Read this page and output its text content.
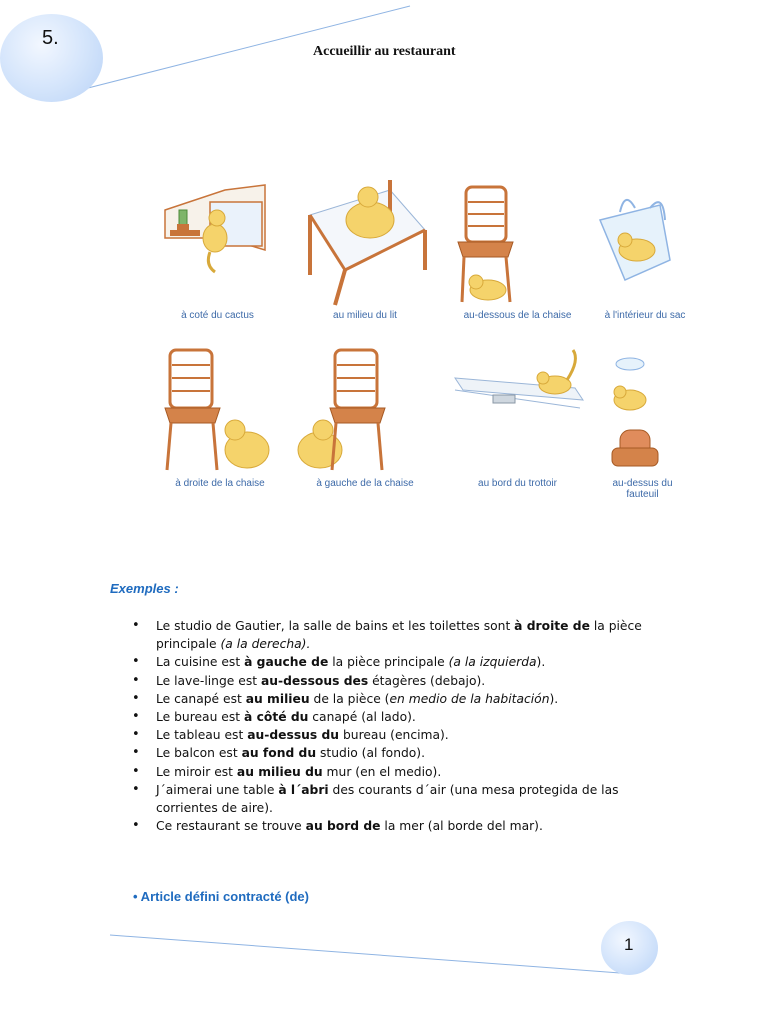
5.
Accueillir au restaurant
à coté du cactus	au milieu du lit	au-dessous de la chaise	à l'intérieur du sac
à droite de la chaise	à gauche de la chaise	au bord du trottoir	au-dessus du fauteuil
Exemples :
• Le studio de Gautier, la salle de bains et les toilettes sont à droite de la pièce principale (a la derecha).
• La cuisine est à gauche de la pièce principale (a la izquierda).
• Le lave-linge est au-dessous des étagères (debajo).
• Le canapé est au milieu de la pièce (en medio de la habitación).
• Le bureau est à côté du canapé (al lado).
• Le tableau est au-dessus du bureau (encima).
• Le balcon est au fond du studio (al fondo).
• Le miroir est au milieu du mur (en el medio).
• J´aimerai une table à l´abri des courants d´air (una mesa protegida de las corrientes de aire).
• Ce restaurant se trouve au bord de la mer (al borde del mar).
• Article défini contracté (de)
1
